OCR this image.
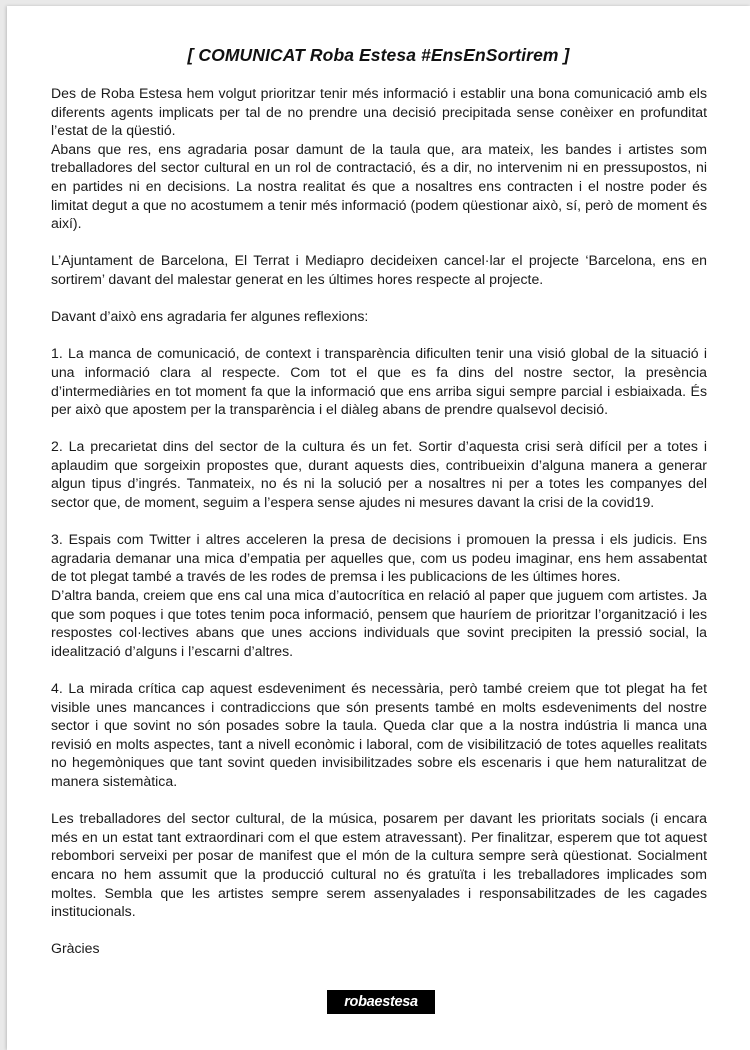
[ COMUNICAT Roba Estesa #EnsEnSortirem ]

Des de Roba Estesa hem volgut prioritzar tenir més informació i establir una bona comunicació amb els diferents agents implicats per tal de no prendre una decisió precipitada sense conèixer en profunditat l’estat de la qüestió.

Abans que res, ens agradaria posar damunt de la taula que, ara mateix, les bandes i artistes som treballadores del sector cultural en un rol de contractació, és a dir, no intervenim ni en pressupostos, ni en partides ni en decisions. La nostra realitat és que a nosaltres ens contracten i el nostre poder és limitat degut a que no acostumem a tenir més informació (podem qüestionar això, sí, però de moment és així).

L’Ajuntament de Barcelona, El Terrat i Mediapro decideixen cancel·lar el projecte ‘Barcelona, ens en sortirem’ davant del malestar generat en les últimes hores respecte al projecte.

Davant d’això ens agradaria fer algunes reflexions:

1. La manca de comunicació, de context i transparència dificulten tenir una visió global de la situació i una informació clara al respecte. Com tot el que es fa dins del nostre sector, la presència d’intermediàries en tot moment fa que la informació que ens arriba sigui sempre parcial i esbiaixada. És per això que apostem per la transparència i el diàleg abans de prendre qualsevol decisió.

2. La precarietat dins del sector de la cultura és un fet. Sortir d’aquesta crisi serà difícil per a totes i aplaudim que sorgeixin propostes que, durant aquests dies, contribueixin d’alguna manera a generar algun tipus d’ingrés. Tanmateix, no és ni la solució per a nosaltres ni per a totes les companyes del sector que, de moment, seguim a l’espera sense ajudes ni mesures davant la crisi de la covid19.

3. Espais com Twitter i altres acceleren la presa de decisions i promouen la pressa i els judicis. Ens agradaria demanar una mica d’empatia per aquelles que, com us podeu imaginar, ens hem assabentat de tot plegat també a través de les rodes de premsa i les publicacions de les últimes hores.

D’altra banda, creiem que ens cal una mica d’autocrítica en relació al paper que juguem com artistes. Ja que som poques i que totes tenim poca informació, pensem que hauríem de prioritzar l’organització i les respostes col·lectives abans que unes accions individuals que sovint precipiten la pressió social, la idealització d’alguns i l’escarni d’altres.

4. La mirada crítica cap aquest esdeveniment és necessària, però també creiem que tot plegat ha fet visible unes mancances i contradiccions que són presents també en molts esdeveniments del nostre sector i que sovint no són posades sobre la taula. Queda clar que a la nostra indústria li manca una revisió en molts aspectes, tant a nivell econòmic i laboral, com de visibilització de totes aquelles realitats no hegemòniques que tant sovint queden invisibilitzades sobre els escenaris i que hem naturalitzat de manera sistemàtica.

Les treballadores del sector cultural, de la música, posarem per davant les prioritats socials (i encara més en un estat tant extraordinari com el que estem atravessant). Per finalitzar, esperem que tot aquest rebombori serveixi per posar de manifest que el món de la cultura sempre serà qüestionat. Socialment encara no hem assumit que la producció cultural no és gratuïta i les treballadores implicades som moltes. Sembla que les artistes sempre serem assenyalades i responsabilitzades de les cagades institucionals.

Gràcies

robaestesa
